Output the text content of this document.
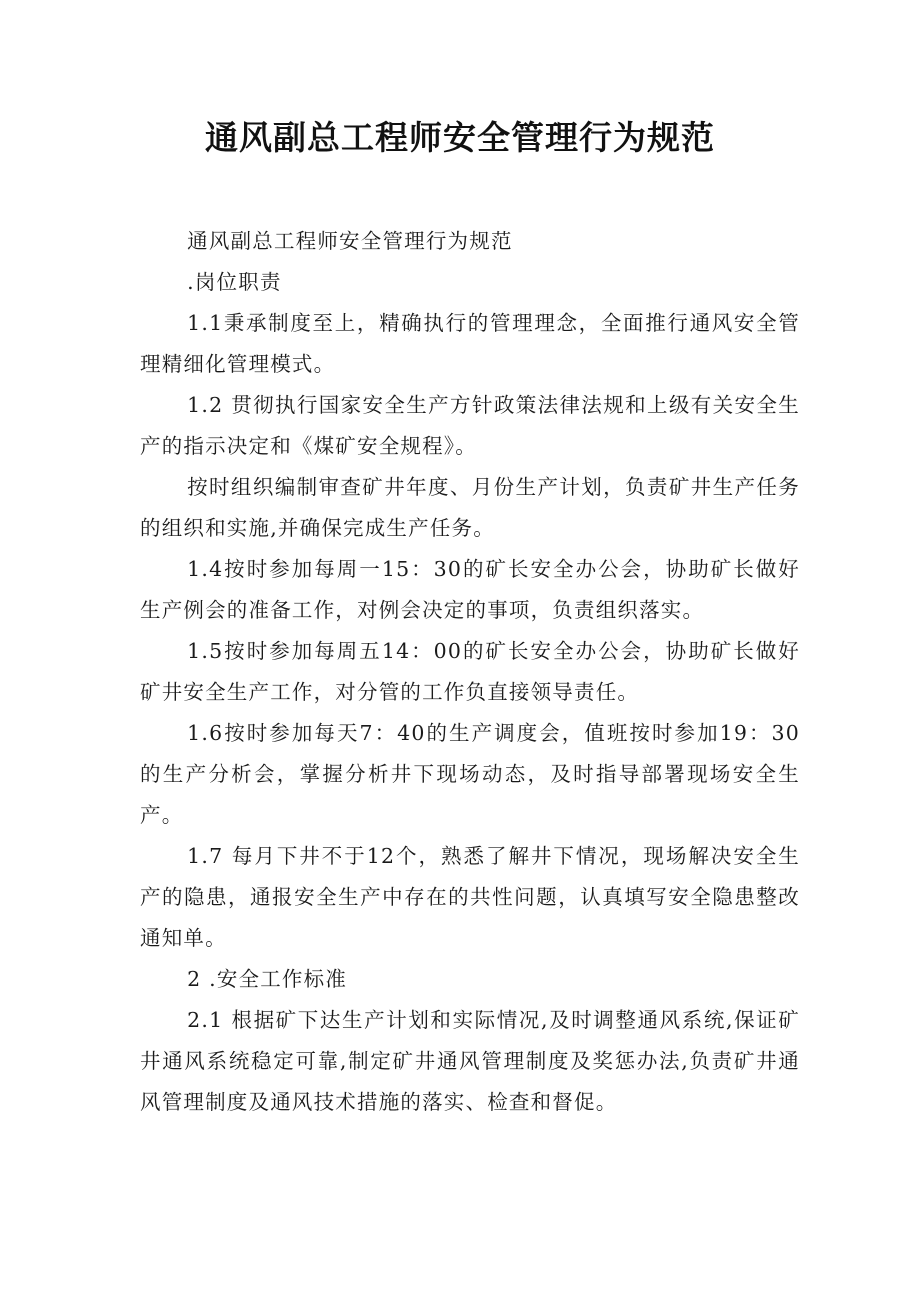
通风副总工程师安全管理行为规范

通风副总工程师安全管理行为规范

.岗位职责

1.1秉承制度至上，精确执行的管理理念，全面推行通风安全管理精细化管理模式。

1.2 贯彻执行国家安全生产方针政策法律法规和上级有关安全生产的指示决定和《煤矿安全规程》。

按时组织编制审查矿井年度、月份生产计划，负责矿井生产任务的组织和实施,并确保完成生产任务。

1.4按时参加每周一15：30的矿长安全办公会，协助矿长做好生产例会的准备工作，对例会决定的事项，负责组织落实。

1.5按时参加每周五14：00的矿长安全办公会，协助矿长做好矿井安全生产工作，对分管的工作负直接领导责任。

1.6按时参加每天7：40的生产调度会，值班按时参加19：30的生产分析会，掌握分析井下现场动态，及时指导部署现场安全生产。

1.7 每月下井不于12个，熟悉了解井下情况，现场解决安全生产的隐患，通报安全生产中存在的共性问题，认真填写安全隐患整改通知单。

2 .安全工作标准

2.1 根据矿下达生产计划和实际情况,及时调整通风系统,保证矿井通风系统稳定可靠,制定矿井通风管理制度及奖惩办法,负责矿井通风管理制度及通风技术措施的落实、检查和督促。
